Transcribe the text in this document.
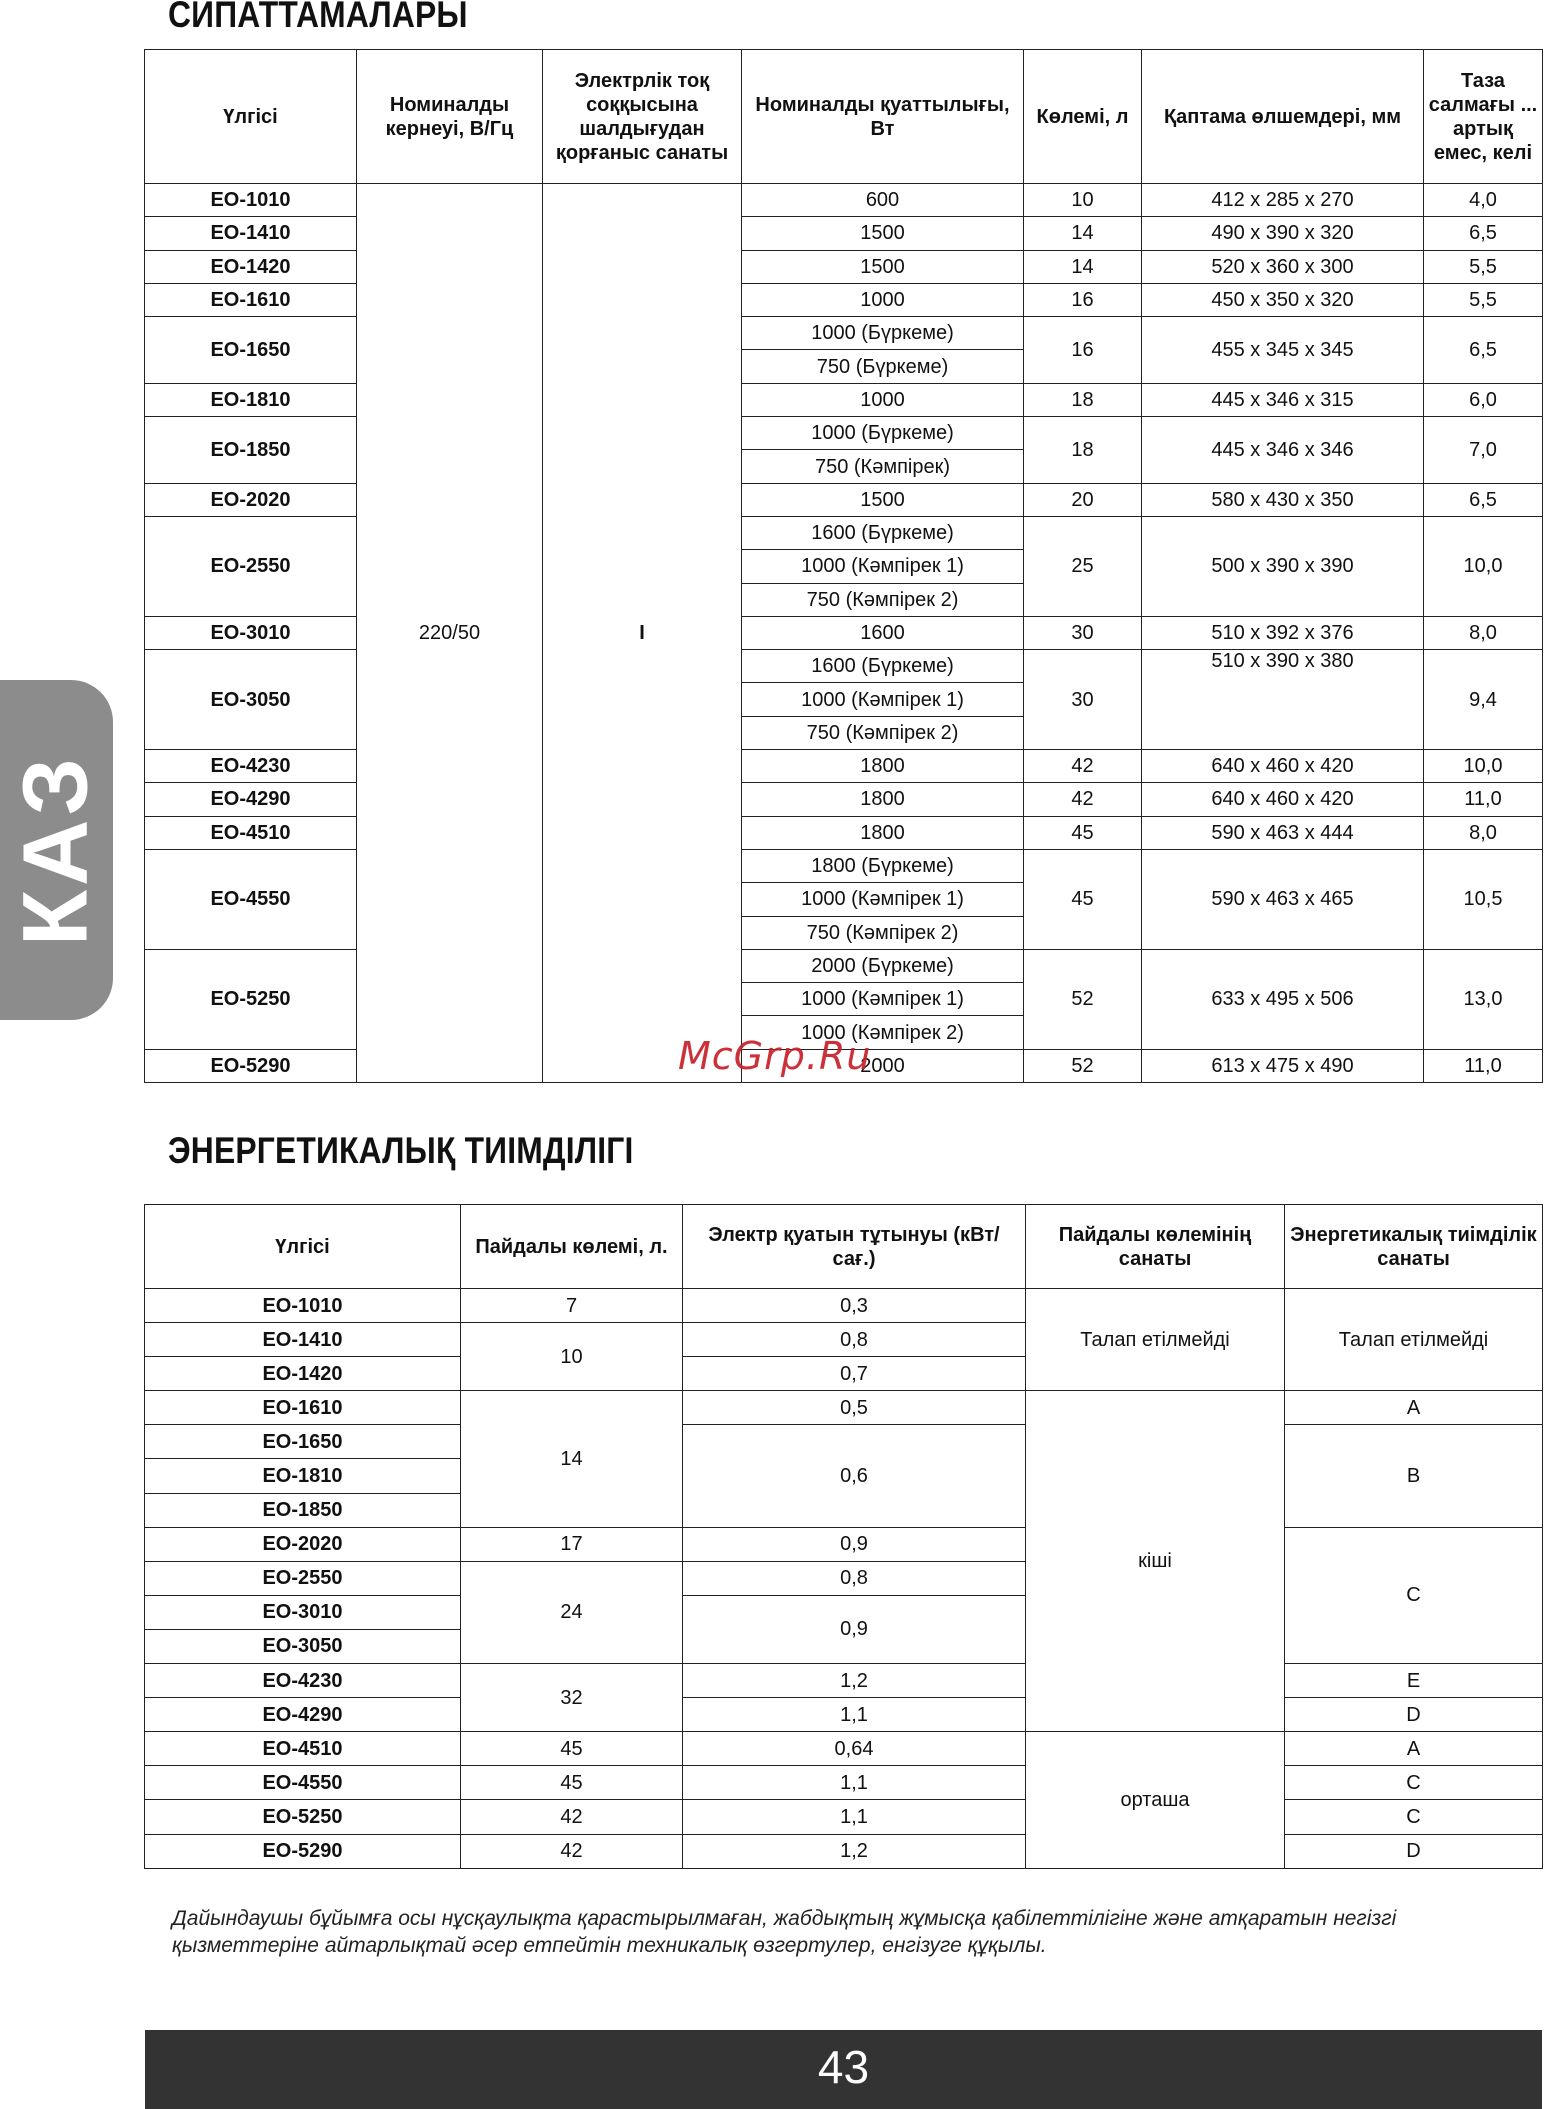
СИПАТТАМАЛАРЫ
Үлгісі	Номиналды кернеуі, В/Гц	Электрлік тоқ соққысына шалдығудан қорғаныс санаты	Номиналды қуаттылығы, Вт	Көлемі, л	Қаптама өлшемдері, мм	Таза салмағы ... артық емес, келі
ЕО-1010	220/50	I	600	10	412 x 285 x 270	4,0
ЕО-1410			1500	14	490 x 390 x 320	6,5
ЕО-1420			1500	14	520 x 360 x 300	5,5
ЕО-1610			1000	16	450 x 350 x 320	5,5
ЕО-1650			1000 (Бүркеме)	16	455 x 345 x 345	6,5
			750 (Бүркеме)			
ЕО-1810			1000	18	445 x 346 x 315	6,0
ЕО-1850			1000 (Бүркеме)	18	445 x 346 x 346	7,0
			750 (Кәмпірек)			
ЕО-2020			1500	20	580 x 430 x 350	6,5
ЕО-2550			1600 (Бүркеме)	25	500 x 390 x 390	10,0
			1000 (Кәмпірек 1)			
			750 (Кәмпірек 2)			
ЕО-3010			1600	30	510 x 392 x 376	8,0
ЕО-3050			1600 (Бүркеме)	30	510 x 390 x 380	9,4
			1000 (Кәмпірек 1)			
			750 (Кәмпірек 2)			
ЕО-4230			1800	42	640 x 460 x 420	10,0
ЕО-4290			1800	42	640 x 460 x 420	11,0
ЕО-4510			1800	45	590 x 463 x 444	8,0
ЕО-4550			1800 (Бүркеме)	45	590 x 463 x 465	10,5
			1000 (Кәмпірек 1)			
			750 (Кәмпірек 2)			
ЕО-5250			2000 (Бүркеме)	52	633 x 495 x 506	13,0
			1000 (Кәмпірек 1)			
			1000 (Кәмпірек 2)			
ЕО-5290			2000	52	613 x 475 x 490	11,0
ЭНЕРГЕТИКАЛЫҚ ТИІМДІЛІГІ
Үлгісі	Пайдалы көлемі, л.	Электр қуатын тұтынуы (кВт/сағ.)	Пайдалы көлемінің санаты	Энергетикалық тиімділік санаты
ЕО-1010	7	0,3	Талап етілмейді	Талап етілмейді
ЕО-1410	10	0,8		
ЕО-1420		0,7		
ЕО-1610	14	0,5	кіші	A
ЕО-1650		0,6		B
ЕО-1810				
ЕО-1850				
ЕО-2020	17	0,9		C
ЕО-2550	24	0,8		
ЕО-3010		0,9		
ЕО-3050				
ЕО-4230	32	1,2		E
ЕО-4290		1,1		D
ЕО-4510	45	0,64	орташа	A
ЕО-4550	45	1,1		C
ЕО-5250	42	1,1		C
ЕО-5290	42	1,2		D
McGrp.Ru

Дайындаушы бұйымға осы нұсқаулықта қарастырылмаған, жабдықтың жұмысқа қабілеттілігіне және атқаратын негізгі қызметтеріне айтарлықтай әсер етпейтін техникалық өзгертулер, енгізуге құқылы.

КАЗ
43
